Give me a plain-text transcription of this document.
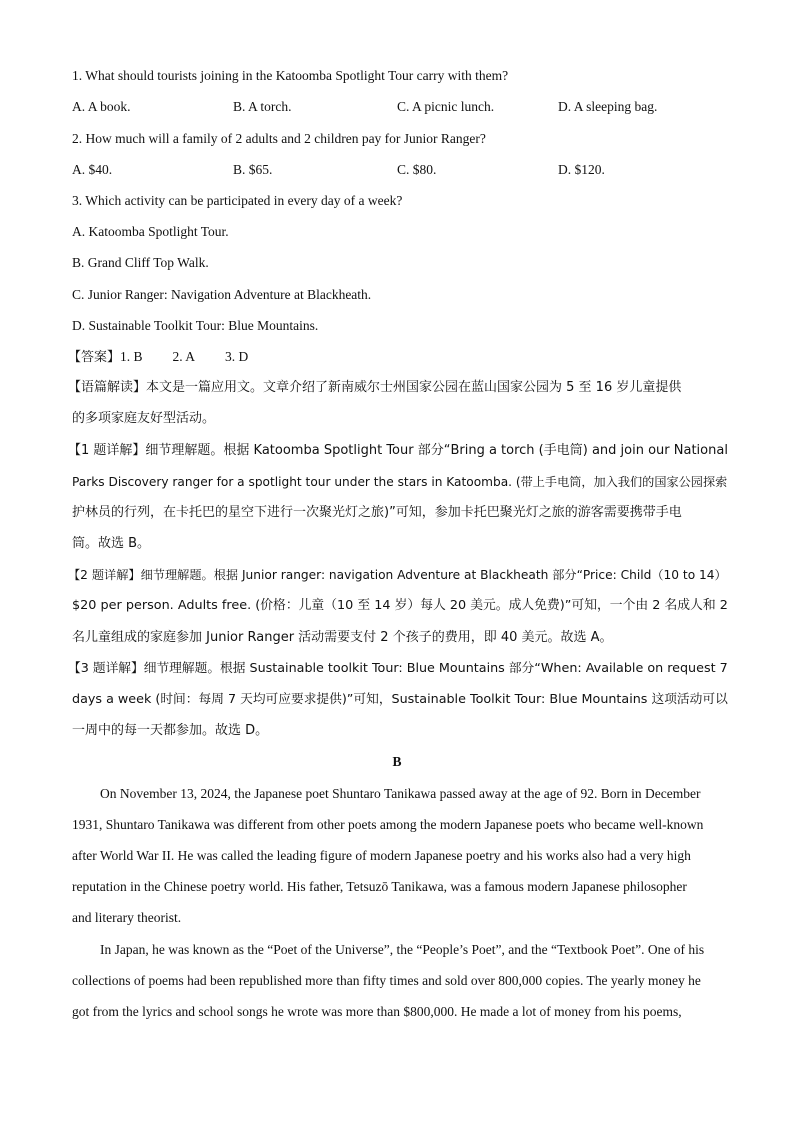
1. What should tourists joining in the Katoomba Spotlight Tour carry with them?
A. A book.	B. A torch.	C. A picnic lunch.	D. A sleeping bag.
2. How much will a family of 2 adults and 2 children pay for Junior Ranger?
A. $40.	B. $65.	C. $80.	D. $120.
3. Which activity can be participated in every day of a week?
A. Katoomba Spotlight Tour.
B. Grand Cliff Top Walk.
C. Junior Ranger: Navigation Adventure at Blackheath.
D. Sustainable Toolkit Tour: Blue Mountains.
【答案】1. B 2. A 3. D
【语篇解读】本文是一篇应用文。文章介绍了新南威尔士州国家公园在蓝山国家公园为 5 至 16 岁儿童提供
的多项家庭友好型活动。
【1 题详解】细节理解题。根据 Katoomba Spotlight Tour 部分“Bring a torch (手电筒) and join our National
Parks Discovery ranger for a spotlight tour under the stars in Katoomba. (带上手电筒，加入我们的国家公园探索
护林员的行列，在卡托巴的星空下进行一次聚光灯之旅)”可知，参加卡托巴聚光灯之旅的游客需要携带手电
筒。故选 B。
【2 题详解】细节理解题。根据 Junior ranger: navigation Adventure at Blackheath 部分“Price: Child（10 to 14）
$20 per person. Adults free. (价格：儿童（10 至 14 岁）每人 20 美元。成人免费)”可知，一个由 2 名成人和 2
名儿童组成的家庭参加 Junior Ranger 活动需要支付 2 个孩子的费用，即 40 美元。故选 A。
【3 题详解】细节理解题。根据 Sustainable toolkit Tour: Blue Mountains 部分“When: Available on request 7
days a week (时间：每周 7 天均可应要求提供)”可知，Sustainable Toolkit Tour: Blue Mountains 这项活动可以
一周中的每一天都参加。故选 D。
B
On November 13, 2024, the Japanese poet Shuntaro Tanikawa passed away at the age of 92. Born in December
1931, Shuntaro Tanikawa was different from other poets among the modern Japanese poets who became well-known
after World War II. He was called the leading figure of modern Japanese poetry and his works also had a very high
reputation in the Chinese poetry world. His father, Tetsuzō Tanikawa, was a famous modern Japanese philosopher
and literary theorist.
In Japan, he was known as the “Poet of the Universe”, the “People’s Poet”, and the “Textbook Poet”. One of his
collections of poems had been republished more than fifty times and sold over 800,000 copies. The yearly money he
got from the lyrics and school songs he wrote was more than $800,000. He made a lot of money from his poems,
